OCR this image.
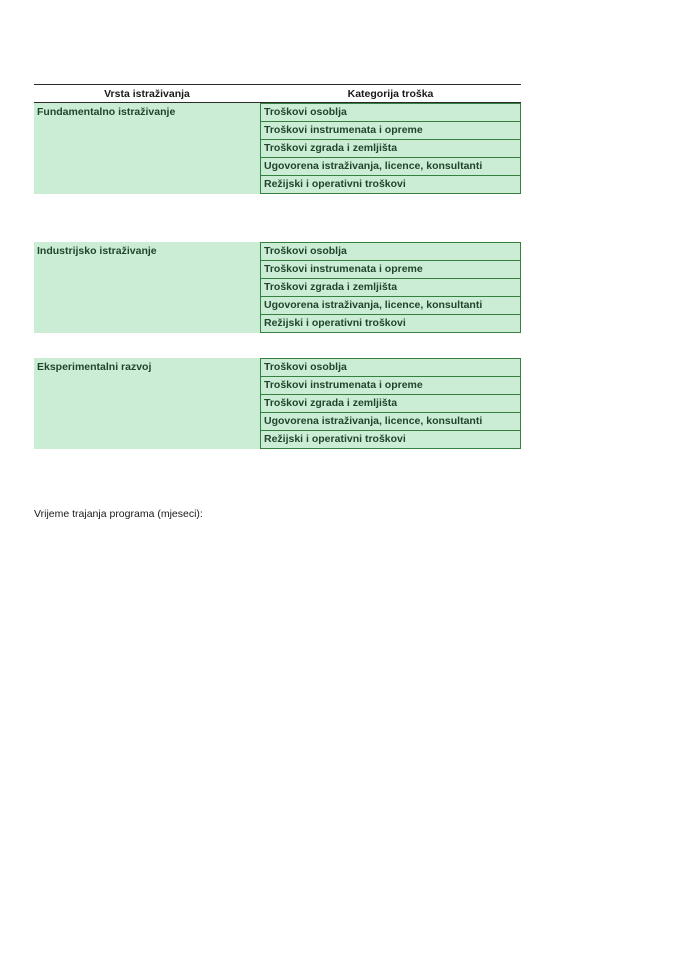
Vrsta istraživanja	Kategorija troška
Fundamentalno istraživanje	Troškovi osoblja
Troškovi instrumenata i opreme
Troškovi zgrada i zemljišta
Ugovorena istraživanja, licence, konsultanti
Režijski i operativni troškovi
Industrijsko istraživanje	Troškovi osoblja
Troškovi instrumenata i opreme
Troškovi zgrada i zemljišta
Ugovorena istraživanja, licence, konsultanti
Režijski i operativni troškovi
Eksperimentalni razvoj	Troškovi osoblja
Troškovi instrumenata i opreme
Troškovi zgrada i zemljišta
Ugovorena istraživanja, licence, konsultanti
Režijski i operativni troškovi
Vrijeme trajanja programa (mjeseci):
